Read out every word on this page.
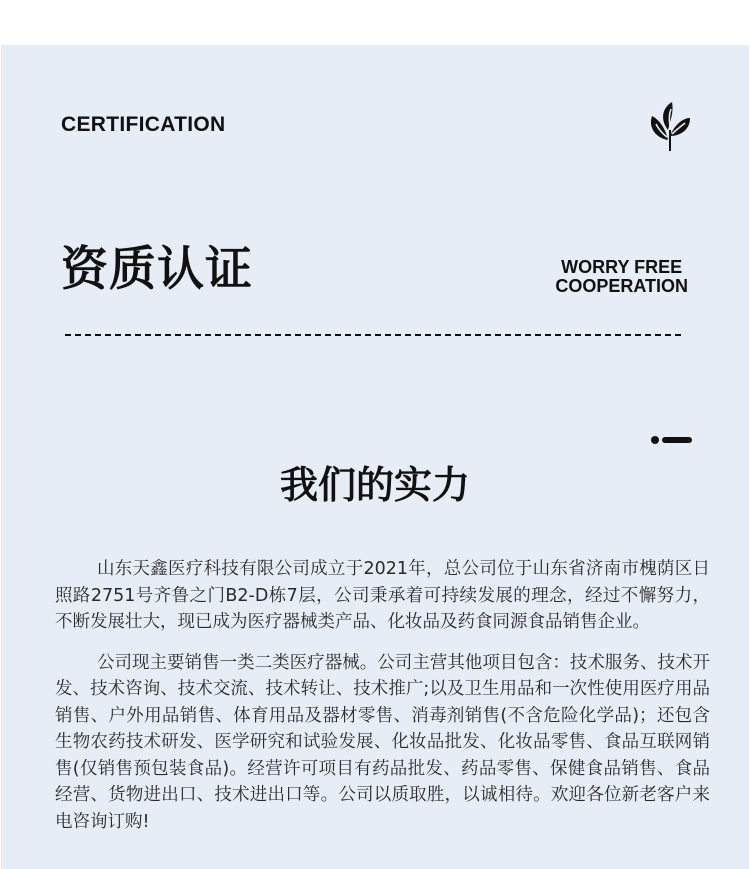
CERTIFICATION
资质认证	WORRY FREE
COOPERATION
我们的实力

山东天鑫医疗科技有限公司成立于2021年，总公司位于山东省济南市槐荫区日照路2751号齐鲁之门B2-D栋7层，公司秉承着可持续发展的理念，经过不懈努力，不断发展壮大，现已成为医疗器械类产品、化妆品及药食同源食品销售企业。

公司现主要销售一类二类医疗器械。公司主营其他项目包含：技术服务、技术开发、技术咨询、技术交流、技术转让、技术推广;以及卫生用品和一次性使用医疗用品销售、户外用品销售、体育用品及器材零售、消毒剂销售(不含危险化学品)；还包含生物农药技术研发、医学研究和试验发展、化妆品批发、化妆品零售、食品互联网销售(仅销售预包装食品)。经营许可项目有药品批发、药品零售、保健食品销售、食品经营、货物进出口、技术进出口等。公司以质取胜，以诚相待。欢迎各位新老客户来电咨询订购!
